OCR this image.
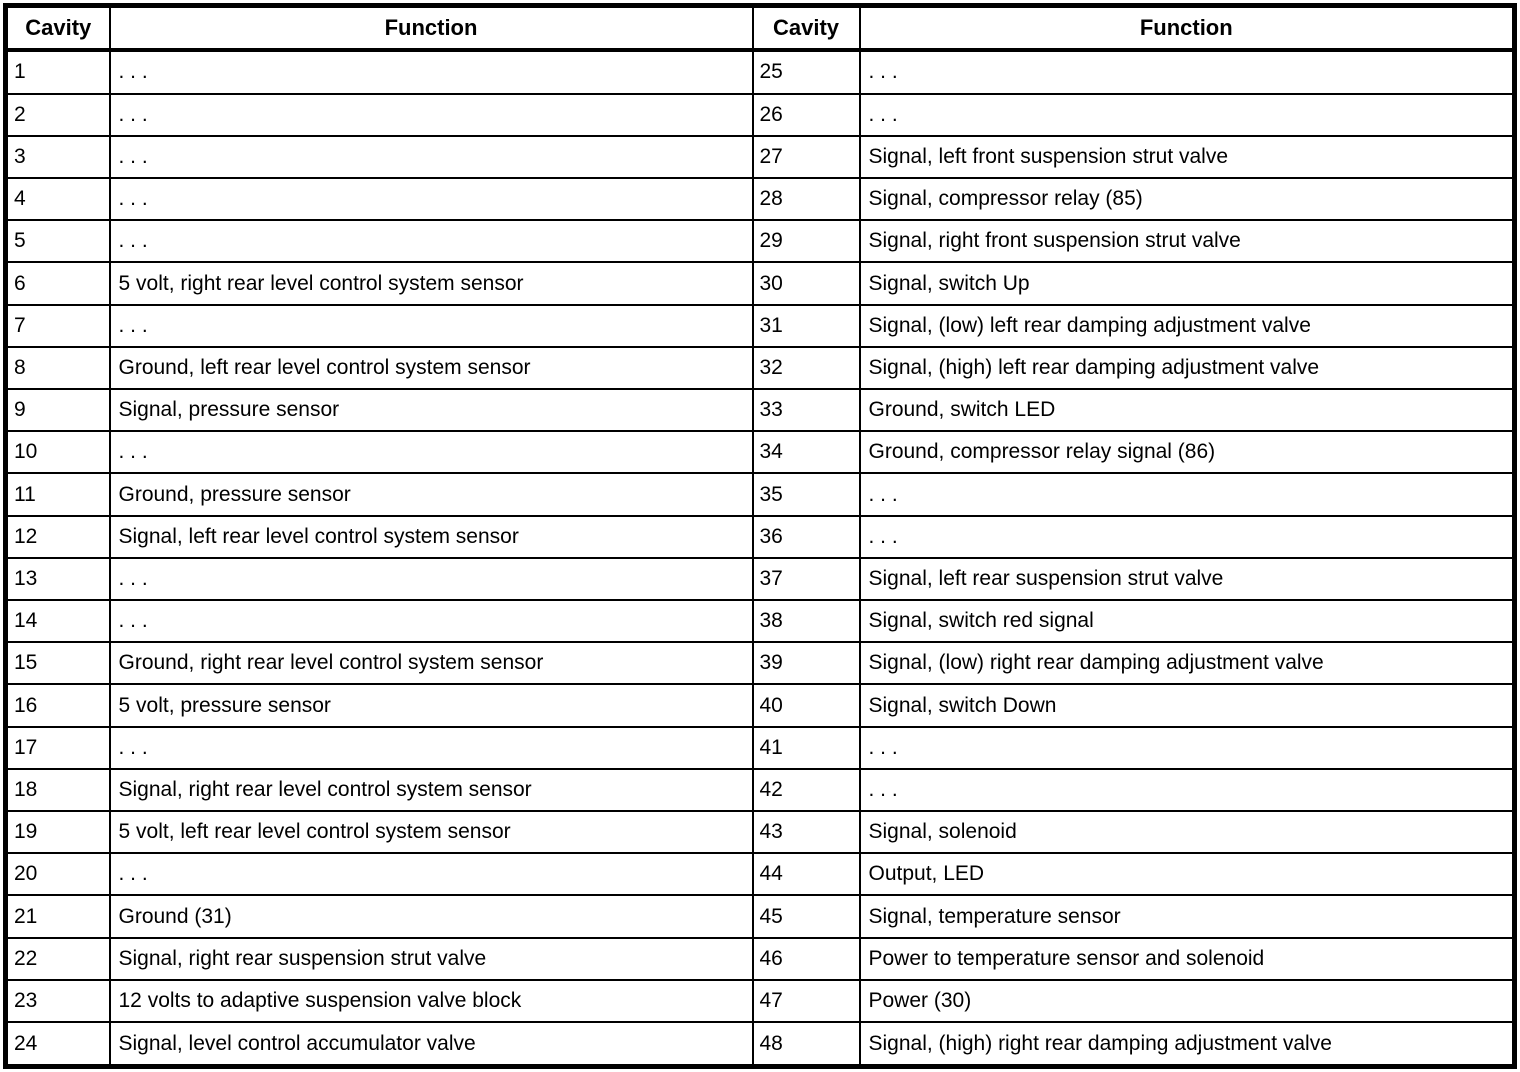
Cavity	Function	Cavity	Function
1	. . .	25	. . .
2	. . .	26	. . .
3	. . .	27	Signal, left front suspension strut valve
4	. . .	28	Signal, compressor relay (85)
5	. . .	29	Signal, right front suspension strut valve
6	5 volt, right rear level control system sensor	30	Signal, switch Up
7	. . .	31	Signal, (low) left rear damping adjustment valve
8	Ground, left rear level control system sensor	32	Signal, (high) left rear damping adjustment valve
9	Signal, pressure sensor	33	Ground, switch LED
10	. . .	34	Ground, compressor relay signal (86)
11	Ground, pressure sensor	35	. . .
12	Signal, left rear level control system sensor	36	. . .
13	. . .	37	Signal, left rear suspension strut valve
14	. . .	38	Signal, switch red signal
15	Ground, right rear level control system sensor	39	Signal, (low) right rear damping adjustment valve
16	5 volt, pressure sensor	40	Signal, switch Down
17	. . .	41	. . .
18	Signal, right rear level control system sensor	42	. . .
19	5 volt, left rear level control system sensor	43	Signal, solenoid
20	. . .	44	Output, LED
21	Ground (31)	45	Signal, temperature sensor
22	Signal, right rear suspension strut valve	46	Power to temperature sensor and solenoid
23	12 volts to adaptive suspension valve block	47	Power (30)
24	Signal, level control accumulator valve	48	Signal, (high) right rear damping adjustment valve
